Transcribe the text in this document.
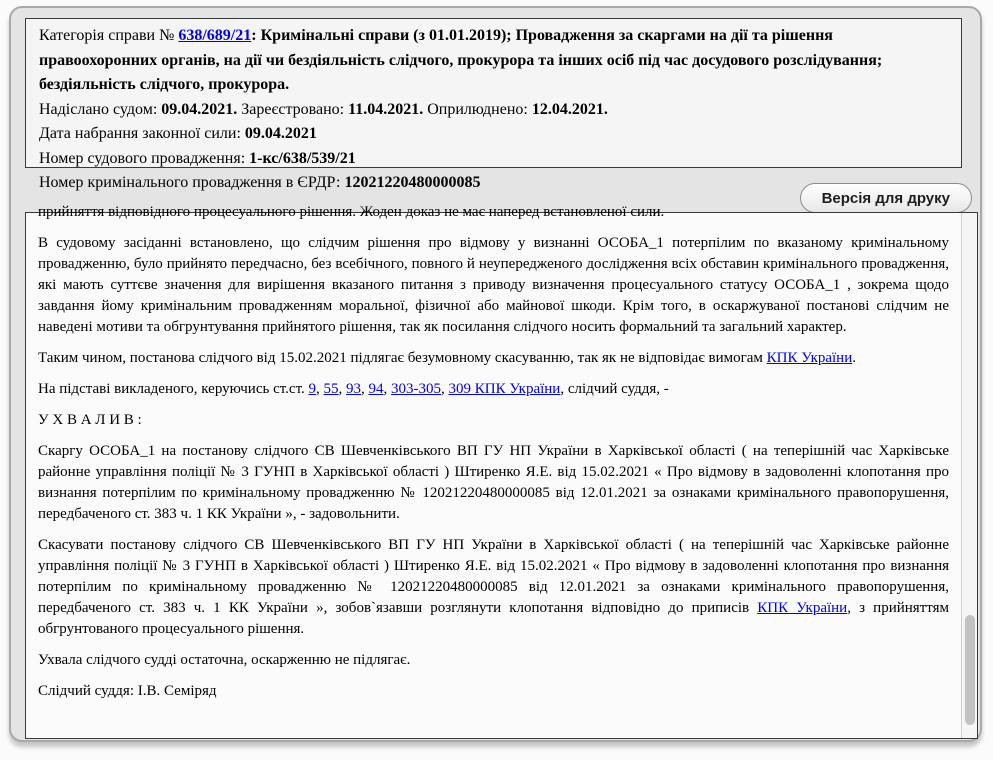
Категорія справи № 638/689/21: Кримінальні справи (з 01.01.2019); Провадження за скаргами на дії та рішення правоохоронних органів, на дії чи бездіяльність слідчого, прокурора та інших осіб під час досудового розслідування; бездіяльність слідчого, прокурора.
Надіслано судом: 09.04.2021. Зареєстровано: 11.04.2021. Оприлюднено: 12.04.2021.
Дата набрання законної сили: 09.04.2021
Номер судового провадження: 1-кс/638/539/21
Номер кримінального провадження в ЄРДР: 12021220480000085
Версія для друку

прийняття відповідного процесуального рішення. Жоден доказ не має наперед встановленої сили.

В судовому засіданні встановлено, що слідчим рішення про відмову у визнанні ОСОБА_1 потерпілим по вказаному кримінальному провадженню, було прийнято передчасно, без всебічного, повного й неупередженого дослідження всіх обставин кримінального провадження, які мають суттєве значення для вирішення вказаного питання з приводу визначення процесуального статусу ОСОБА_1 , зокрема щодо завдання йому кримінальним провадженням моральної, фізичної або майнової шкоди. Крім того, в оскаржуваної постанові слідчим не наведені мотиви та обгрунтування прийнятого рішення, так як посилання слідчого носить формальний та загальний характер.

Таким чином, постанова слідчого від 15.02.2021 підлягає безумовному скасуванню, так як не відповідає вимогам КПК України.

На підставі викладеного, керуючись ст.ст. 9, 55, 93, 94, 303-305, 309 КПК України, слідчий суддя, -

У Х В А Л И В :

Скаргу ОСОБА_1 на постанову слідчого СВ Шевченківського ВП ГУ НП України в Харківської області ( на теперішній час Харківське районне управління поліції № 3 ГУНП в Харківської області ) Штиренко Я.Е. від 15.02.2021 « Про відмову в задоволенні клопотання про визнання потерпілим по кримінальному провадженню № 12021220480000085 від 12.01.2021 за ознаками кримінального правопорушення, передбаченого ст. 383 ч. 1 КК України », - задовольнити.

Скасувати постанову слідчого СВ Шевченківського ВП ГУ НП України в Харківської області ( на теперішній час Харківське районне управління поліції № 3 ГУНП в Харківської області ) Штиренко Я.Е. від 15.02.2021 « Про відмову в задоволенні клопотання про визнання потерпілим по кримінальному провадженню № 12021220480000085 від 12.01.2021 за ознаками кримінального правопорушення, передбаченого ст. 383 ч. 1 КК України », зобов`язавши розглянути клопотання відповідно до приписів КПК України, з прийняттям обгрунтованого процесуального рішення.

Ухвала слідчого судді остаточна, оскарженню не підлягає.

Слідчий суддя: І.В. Семіряд
